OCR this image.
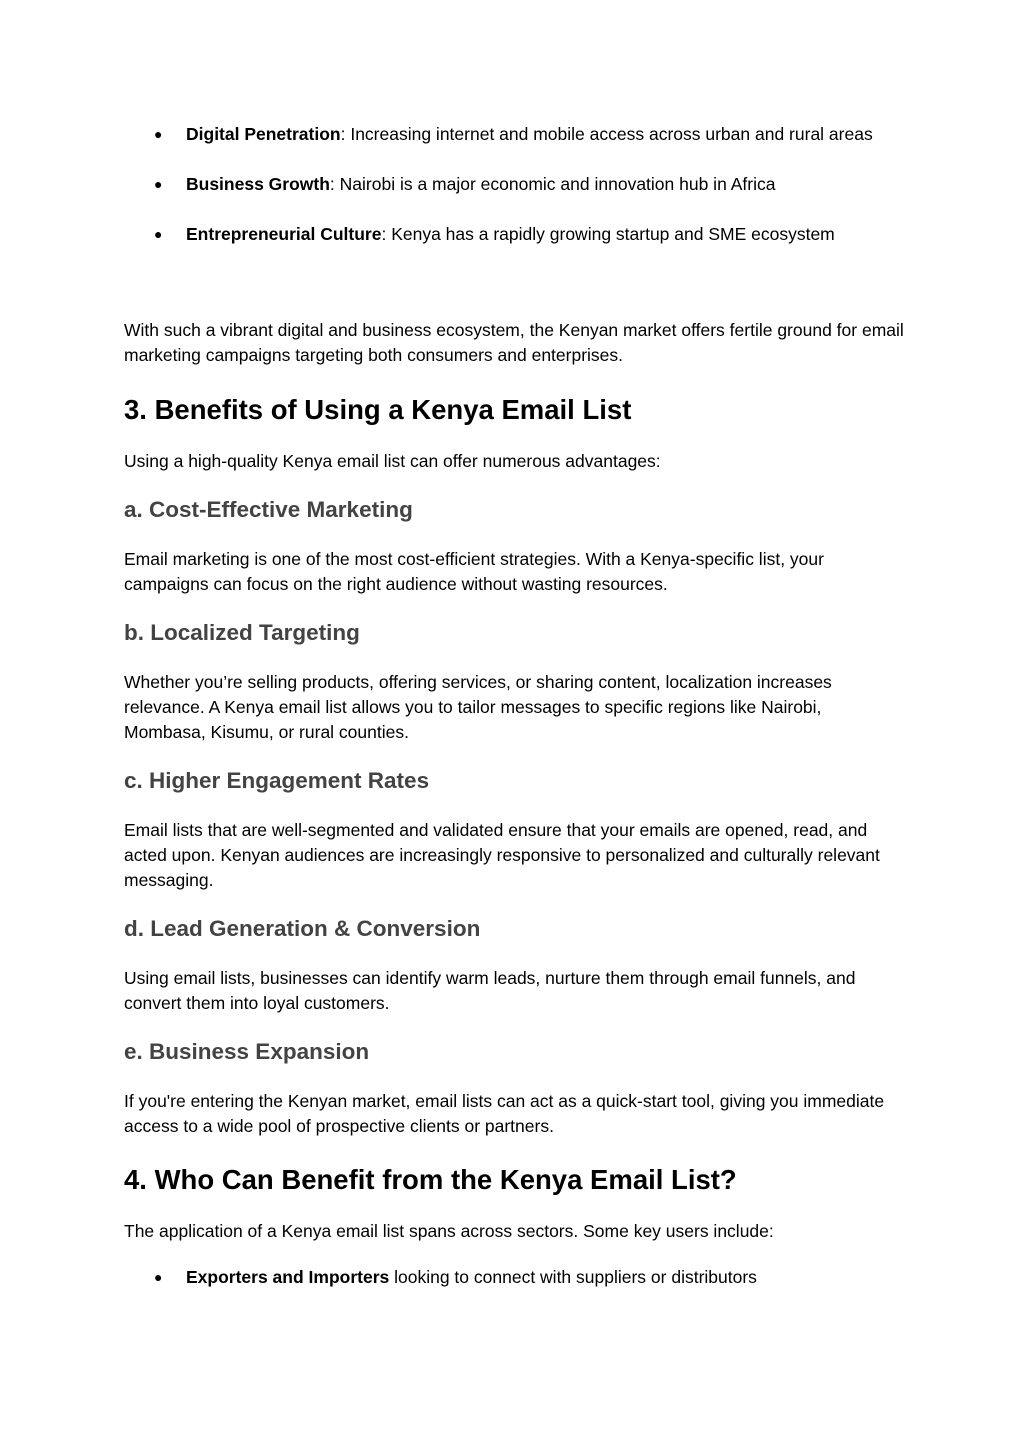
● Digital Penetration: Increasing internet and mobile access across urban and rural areas
● Business Growth: Nairobi is a major economic and innovation hub in Africa
● Entrepreneurial Culture: Kenya has a rapidly growing startup and SME ecosystem

With such a vibrant digital and business ecosystem, the Kenyan market offers fertile ground for email marketing campaigns targeting both consumers and enterprises.

3. Benefits of Using a Kenya Email List

Using a high-quality Kenya email list can offer numerous advantages:

a. Cost-Effective Marketing

Email marketing is one of the most cost-efficient strategies. With a Kenya-specific list, your campaigns can focus on the right audience without wasting resources.

b. Localized Targeting

Whether you’re selling products, offering services, or sharing content, localization increases relevance. A Kenya email list allows you to tailor messages to specific regions like Nairobi, Mombasa, Kisumu, or rural counties.

c. Higher Engagement Rates

Email lists that are well-segmented and validated ensure that your emails are opened, read, and acted upon. Kenyan audiences are increasingly responsive to personalized and culturally relevant messaging.

d. Lead Generation & Conversion

Using email lists, businesses can identify warm leads, nurture them through email funnels, and convert them into loyal customers.

e. Business Expansion

If you're entering the Kenyan market, email lists can act as a quick-start tool, giving you immediate access to a wide pool of prospective clients or partners.

4. Who Can Benefit from the Kenya Email List?

The application of a Kenya email list spans across sectors. Some key users include:

● Exporters and Importers looking to connect with suppliers or distributors
